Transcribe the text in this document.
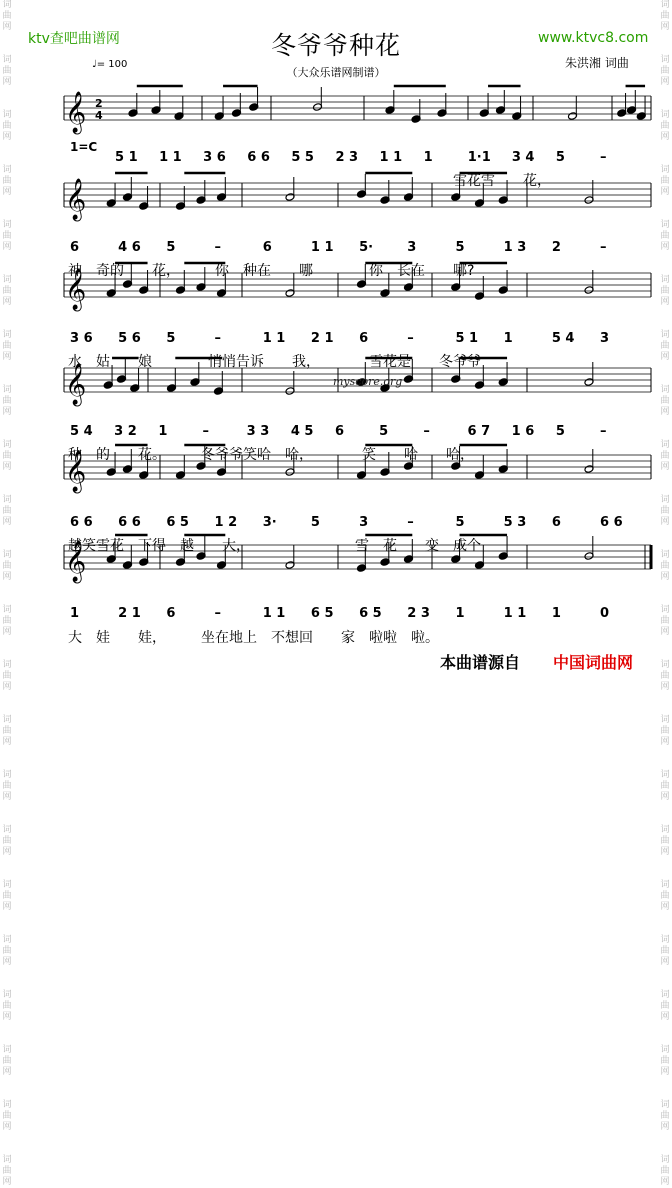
词
曲
网

词
曲
网

词
曲
网

词
曲
网

词
曲
网

词
曲
网

词
曲
网

词
曲
网

词
曲
网

词
曲
网

词
曲
网

词
曲
网

词
曲
网

词
曲
网

词
曲
网

词
曲
网

词
曲
网

词
曲
网

词
曲
网

词
曲
网

词
曲
网

词
曲
网

词
曲
网

词
曲
网

词
曲
网

词
曲
网

词
曲
网

词
曲
网

词
曲
网

词
曲
网

词
曲
网

词
曲
网

词
曲
网

词
曲
网

词
曲
网

词
曲
网

词
曲
网

词
曲
网

词
曲
网

词
曲
网

词
曲
网

词
曲
网

词
曲
网

词
曲
网

ktv查吧曲谱网	www.ktvc8.com
冬爷爷种花
（大众乐谱网制谱）
♩= 100	朱洪湘 词曲
1=C
𝄞 2
4
𝄞
𝄞
𝄞
𝄞
𝄞
5 1 1 1 3 6 6 6 5 5 2 3 1 1 1	1·1 3 4 5	–
6	4 6 5	–	6	1 1 5·	3	5	1 3 2	–
3 6 5 6 5	–	1 1 2 1 6	–	5 1 1	5 4 3
5 4 3 2 1	–	3 3 4 5 6	5	–	6 7 1 6 5	–
6 6 6 6 6 5 1 2 3·	5	3	–	5	5 3 6	6 6
1	2 1 6	–	1 1 6 5 6 5 2 3 1	1 1 1	0
雪花雪　　花，
神　奇的　　花，　　　你　种在　　哪　　　　你　长在　　哪?
水　姑　　娘　　　　悄悄告诉　　我，　　　　雪花是　　冬爷爷
种　的　　花。　　　冬爷爷笑哈　哈，　　　　笑　　哈　　哈，
越笑雪花　下得　越　　大，　　　　　　　　雪　花　　变　成个
大　娃　　娃，　　　坐在地上　不想回　　家　啦啦　啦。
myscore.org
本曲谱源自 中国词曲网
